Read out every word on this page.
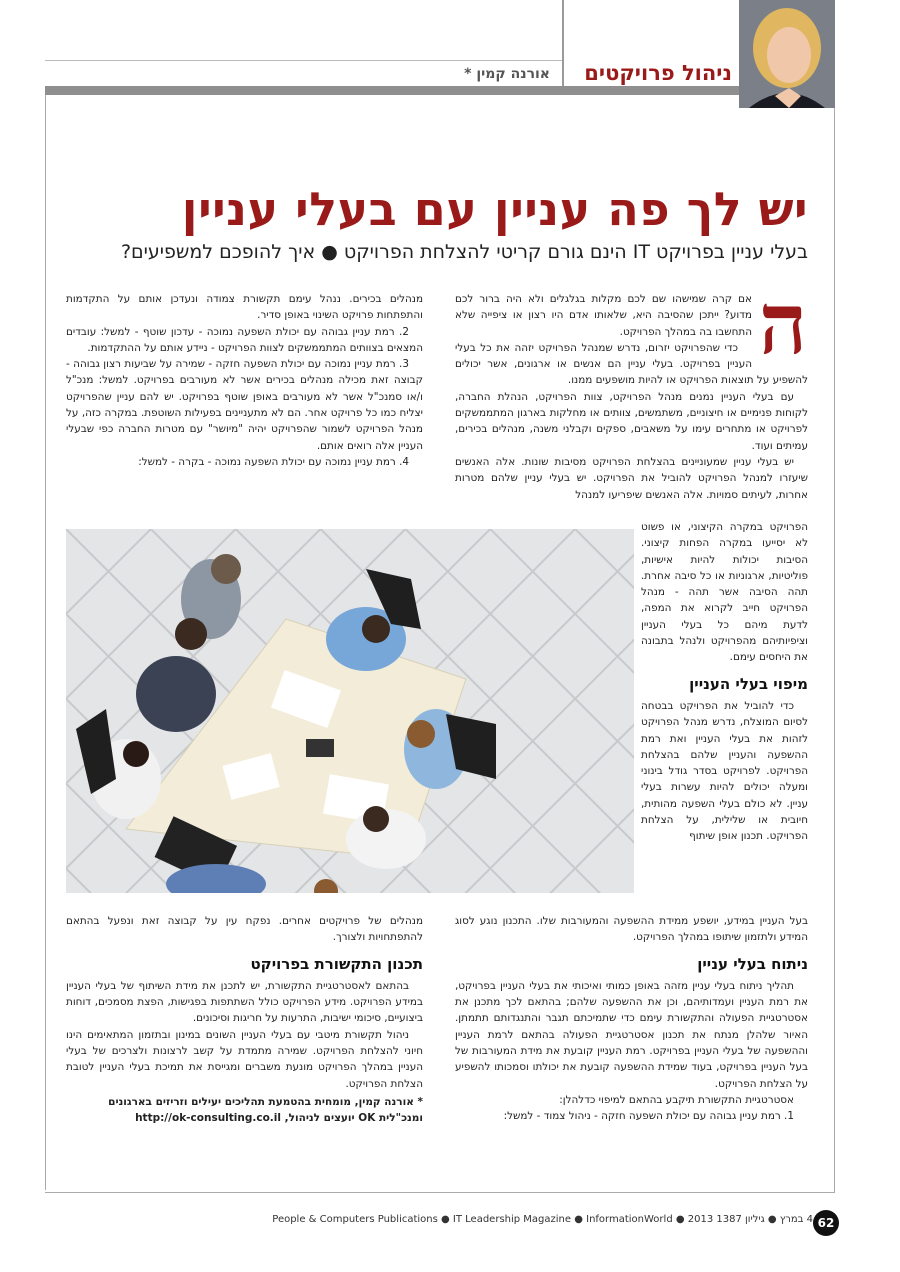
ניהול פרויקטים
אורנה קמין *
יש לך פה עניין עם בעלי עניין
בעלי עניין בפרויקט IT הינם גורם קריטי להצלחת הפרויקט ● איך להופכם למשפיעים?
ה

אם קרה שמישהו שם לכם מקלות בגלגלים ולא היה ברור לכם מדוע? ייתכן שהסיבה היא, שלאותו אדם היו רצון או ציפייה שלא התחשבו בה במהלך הפרויקט.

כדי שהפרויקט יזרום, נדרש שמנהל הפרויקט יזהה את כל בעלי העניין בפרויקט. בעלי עניין הם אנשים או ארגונים, אשר יכולים להשפיע על תוצאות הפרויקט או להיות מושפעים ממנו.

עם בעלי העניין נמנים מנהל הפרויקט, צוות הפרויקט, הנהלת החברה, לקוחות פנימיים או חיצוניים, משתמשים, צוותים או מחלקות בארגון המתממשקים לפרויקט או מתחרים עימו על משאבים, ספקים וקבלני משנה, מנהלים בכירים, עמיתים ועוד.

יש בעלי עניין שמעוניינים בהצלחת הפרויקט מסיבות שונות. אלה האנשים שיעזרו למנהל הפרויקט להוביל את הפרויקט. יש בעלי עניין שלהם מטרות אחרות, לעיתים סמויות. אלה האנשים שיפריעו למנהל

הפרויקט במקרה הקיצוני, או פשוט לא יסייעו במקרה הפחות קיצוני. הסיבות יכולות להיות אישיות, פוליטיות, ארגוניות או כל סיבה אחרת. תהה הסיבה אשר תהה - מנהל הפרויקט חייב לקרוא את המפה, לדעת מיהם כל בעלי העניין וציפיותיהם מהפרויקט ולנהל בתבונה את היחסים עימם.

מיפוי בעלי העניין

כדי להוביל את הפרויקט בבטחה לסיום המוצלח, נדרש מנהל הפרויקט לזהות את בעלי העניין ואת רמת ההשפעה והעניין שלהם בהצלחת הפרויקט. לפרויקט בסדר גודל בינוני ומעלה יכולים להיות עשרות בעלי עניין. לא כולם בעלי השפעה מהותית, חיובית או שלילית, על הצלחת הפרויקט. תכנון אופן שיתוף

בעל העניין במידע, יושפע ממידת ההשפעה והמעורבות שלו. התכנון נוגע לסוג המידע ולתזמון שיתופו במהלך הפרויקט.

ניתוח בעלי עניין

תהליך ניתוח בעלי עניין מזהה באופן כמותי ואיכותי את בעלי העניין בפרויקט, את רמת העניין ועמדותיהם, וכן את ההשפעה שלהם; בהתאם לכך מתכנן את אסטרטגיית הפעולה והתקשורת עימם כדי שתמיכתם תגבר והתנגדותם תתמתן. האיור שלהלן מנתח את תכנון אסטרטגיית הפעולה בהתאם לרמת העניין וההשפעה של בעלי העניין בפרויקט. רמת העניין קובעת את מידת המעורבות של בעל העניין בפרויקט, בעוד שמידת ההשפעה קובעת את יכולתו וסמכותו להשפיע על הצלחת הפרויקט.

אסטרטגיית התקשורת תיקבע בהתאם למיפוי כדלהלן:

1. רמת עניין גבוהה עם יכולת השפעה חזקה - ניהול צמוד - למשל:

מנהלים בכירים. ננהל עימם תקשורת צמודה ונעדכן אותם על התקדמות והתפתחות פרויקט השינוי באופן סדיר.

2. רמת עניין גבוהה עם יכולת השפעה נמוכה - עדכון שוטף - למשל: עובדים המצאים בצוותים המתממשקים לצוות הפרויקט - ניידע אותם על ההתקדמות.

3. רמת עניין נמוכה עם יכולת השפעה חזקה - שמירה על שביעות רצון גבוהה - קבוצה זאת מכילה מנהלים בכירים אשר לא מעורבים בפרויקט. למשל: מנכ"ל ו/או סמנכ"ל אשר לא מעורבים באופן שוטף בפרויקט. יש להם עניין שהפרויקט יצליח כמו כל פרויקט אחר. הם לא מתעניינים בפעילות השוטפת. במקרה כזה, על מנהל הפרויקט לשמור שהפרויקט יהיה "מיושר" עם מטרות החברה כפי שבעלי העניין אלה רואים אותם.

4. רמת עניין נמוכה עם יכולת השפעה נמוכה - בקרה - למשל:

מנהלים של פרויקטים אחרים. נפקח עין על קבוצה זאת ונפעל בהתאם להתפתחויות ולצורך.

תכנון התקשורת בפרויקט

בהתאם לאסטרטגיית התקשורת, יש לתכנן את מידת השיתוף של בעלי העניין במידע הפרויקט. מידע הפרויקט כולל השתתפות בפגישות, הפצת מסמכים, דוחות ביצועיים, סיכומי ישיבות, התרעות על חריגות וסיכונים.

ניהול תקשורת מיטבי עם בעלי העניין השונים במינון ובתזמון המתאימים הינו חיוני להצלחת הפרויקט. שמירה מתמדת על קשב לרצונות ולצרכים של בעלי העניין במהלך הפרויקט מונעת משברים ומגייסת את תמיכת בעלי העניין לטובת הצלחת הפרויקט.

* אורנה קמין, מומחית בהטמעת תהליכים יעילים וזריזים בארגונים
ומנכ"לית OK יועצים לניהול, http://ok-consulting.co.il
People & Computers Publications ● IT Leadership Magazine ● InformationWorld ● 2013 ‏4 במרץ ● גיליון 1387	62
